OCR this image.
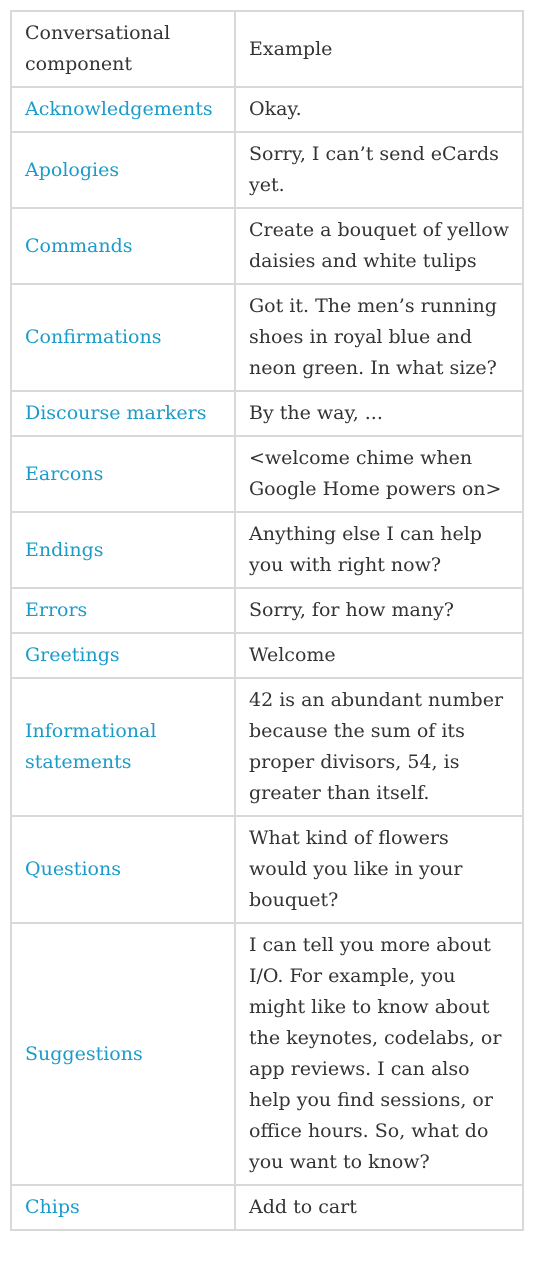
Conversational component	Example
Acknowledgements	Okay.
Apologies	Sorry, I can’t send eCards yet.
Commands	Create a bouquet of yellow daisies and white tulips
Confirmations	Got it. The men’s running shoes in royal blue and neon green. In what size?
Discourse markers	By the way, ...
Earcons	<welcome chime when Google Home powers on>
Endings	Anything else I can help you with right now?
Errors	Sorry, for how many?
Greetings	Welcome
Informational statements	42 is an abundant number because the sum of its proper divisors, 54, is greater than itself.
Questions	What kind of flowers would you like in your bouquet?
Suggestions	I can tell you more about I/O. For example, you might like to know about the keynotes, codelabs, or app reviews. I can also help you find sessions, or office hours. So, what do you want to know?
Chips	Add to cart
